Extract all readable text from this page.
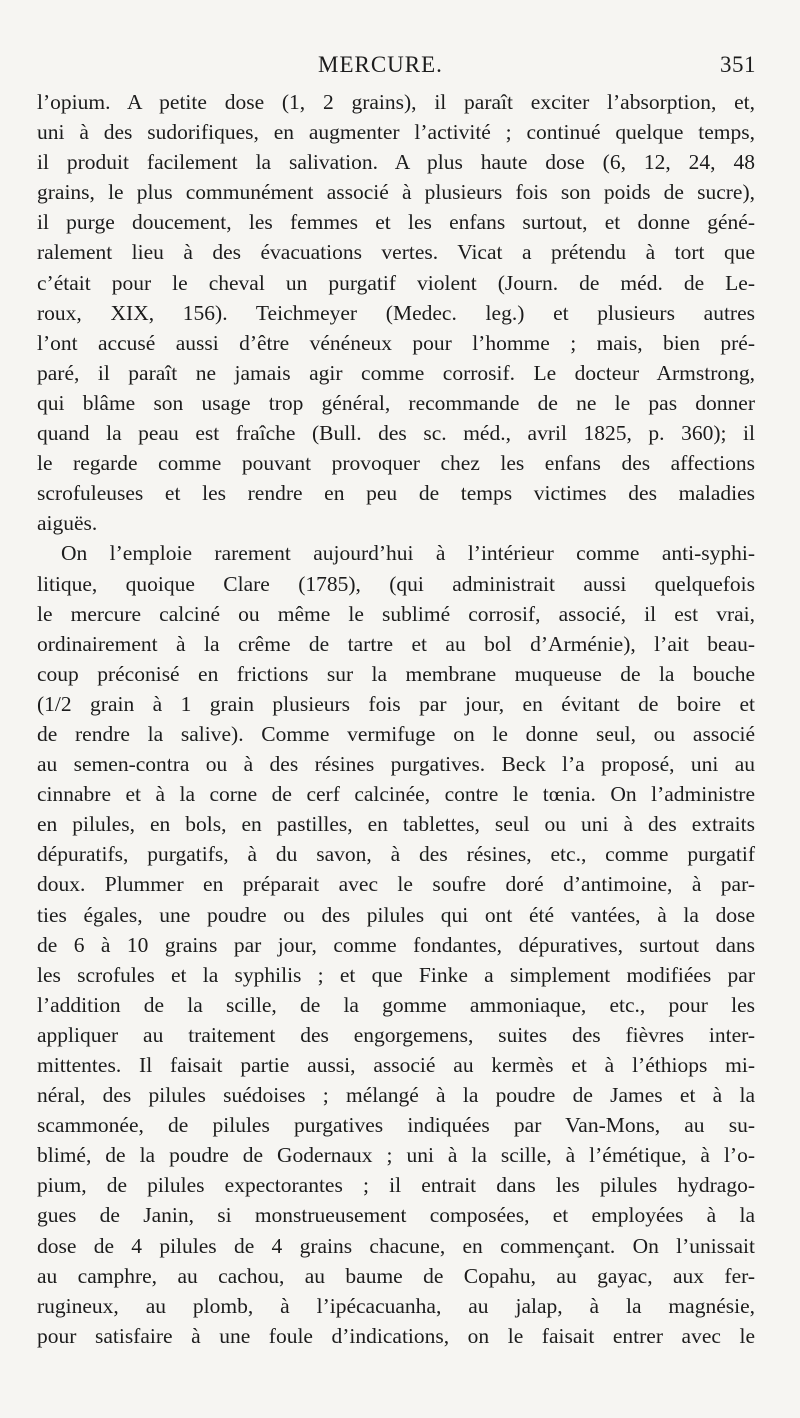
MERCURE.	351
l’opium. A petite dose (1, 2 grains), il paraît exciter l’absorption, et,
uni à des sudorifiques, en augmenter l’activité ; continué quelque temps,
il produit facilement la salivation. A plus haute dose (6, 12, 24, 48
grains, le plus communément associé à plusieurs fois son poids de sucre),
il purge doucement, les femmes et les enfans surtout, et donne géné-
ralement lieu à des évacuations vertes. Vicat a prétendu à tort que
c’était pour le cheval un purgatif violent (Journ. de méd. de Le-
roux, XIX, 156). Teichmeyer (Medec. leg.) et plusieurs autres
l’ont accusé aussi d’être vénéneux pour l’homme ; mais, bien pré-
paré, il paraît ne jamais agir comme corrosif. Le docteur Armstrong,
qui blâme son usage trop général, recommande de ne le pas donner
quand la peau est fraîche (Bull. des sc. méd., avril 1825, p. 360); il
le regarde comme pouvant provoquer chez les enfans des affections
scrofuleuses et les rendre en peu de temps victimes des maladies
aiguës.
On l’emploie rarement aujourd’hui à l’intérieur comme anti-syphi-
litique, quoique Clare (1785), (qui administrait aussi quelquefois
le mercure calciné ou même le sublimé corrosif, associé, il est vrai,
ordinairement à la crême de tartre et au bol d’Arménie), l’ait beau-
coup préconisé en frictions sur la membrane muqueuse de la bouche
(1/2 grain à 1 grain plusieurs fois par jour, en évitant de boire et
de rendre la salive). Comme vermifuge on le donne seul, ou associé
au semen-contra ou à des résines purgatives. Beck l’a proposé, uni au
cinnabre et à la corne de cerf calcinée, contre le tœnia. On l’administre
en pilules, en bols, en pastilles, en tablettes, seul ou uni à des extraits
dépuratifs, purgatifs, à du savon, à des résines, etc., comme purgatif
doux. Plummer en préparait avec le soufre doré d’antimoine, à par-
ties égales, une poudre ou des pilules qui ont été vantées, à la dose
de 6 à 10 grains par jour, comme fondantes, dépuratives, surtout dans
les scrofules et la syphilis ; et que Finke a simplement modifiées par
l’addition de la scille, de la gomme ammoniaque, etc., pour les
appliquer au traitement des engorgemens, suites des fièvres inter-
mittentes. Il faisait partie aussi, associé au kermès et à l’éthiops mi-
néral, des pilules suédoises ; mélangé à la poudre de James et à la
scammonée, de pilules purgatives indiquées par Van-Mons, au su-
blimé, de la poudre de Godernaux ; uni à la scille, à l’émétique, à l’o-
pium, de pilules expectorantes ; il entrait dans les pilules hydrago-
gues de Janin, si monstrueusement composées, et employées à la
dose de 4 pilules de 4 grains chacune, en commençant. On l’unissait
au camphre, au cachou, au baume de Copahu, au gayac, aux fer-
rugineux, au plomb, à l’ipécacuanha, au jalap, à la magnésie,
pour satisfaire à une foule d’indications, on le faisait entrer avec le
